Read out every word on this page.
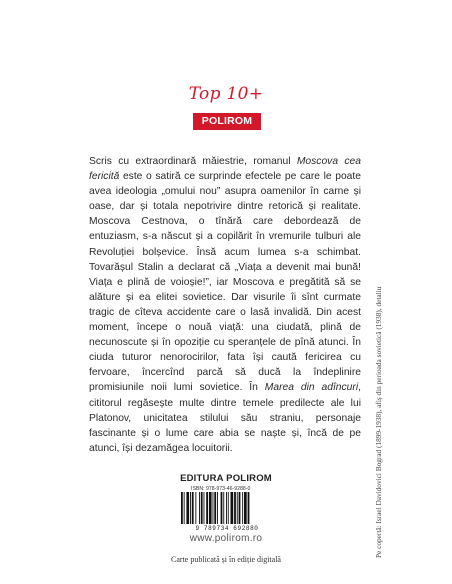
Top 10+
POLIROM

Scris cu extraordinară măiestrie, romanul Moscova cea fericită este o satiră ce surprinde efectele pe care le poate avea ideologia „omului nou” asupra oamenilor în carne și oase, dar și totala nepotrivire dintre retorică și realitate. Moscova Cestnova, o tînără care debordează de entuziasm, s-a născut și a copilărit în vremurile tulburi ale Revoluției bolșevice. Însă acum lumea s-a schimbat. Tovarășul Stalin a declarat că „Viața a devenit mai bună! Viața e plină de voioșie!”, iar Moscova e pregătită să se alăture și ea elitei sovietice. Dar visurile îi sînt curmate tragic de cîteva accidente care o lasă invalidă. Din acest moment, începe o nouă viață: una ciudată, plină de necunoscute și în opoziție cu speranțele de pînă atunci. În ciuda tuturor nenorocirilor, fata își caută fericirea cu fervoare, încercînd parcă să ducă la îndeplinire promisiunile noii lumi sovietice. În Marea din adîncuri, cititorul regăsește multe dintre temele predilecte ale lui Platonov, unicitatea stilului său straniu, personaje fascinante și o lume care abia se naște și, încă de pe atunci, își dezamăgea locuitorii.	Pe copertă: Israel Davidovici Bograd (1899-1938), afiș din perioada sovietică (1938), detaliu
EDITURA POLIROM
ISBN: 978-973-46-9288-0
9 789734 692880
www.polirom.ro
Carte publicată și în ediție digitală
